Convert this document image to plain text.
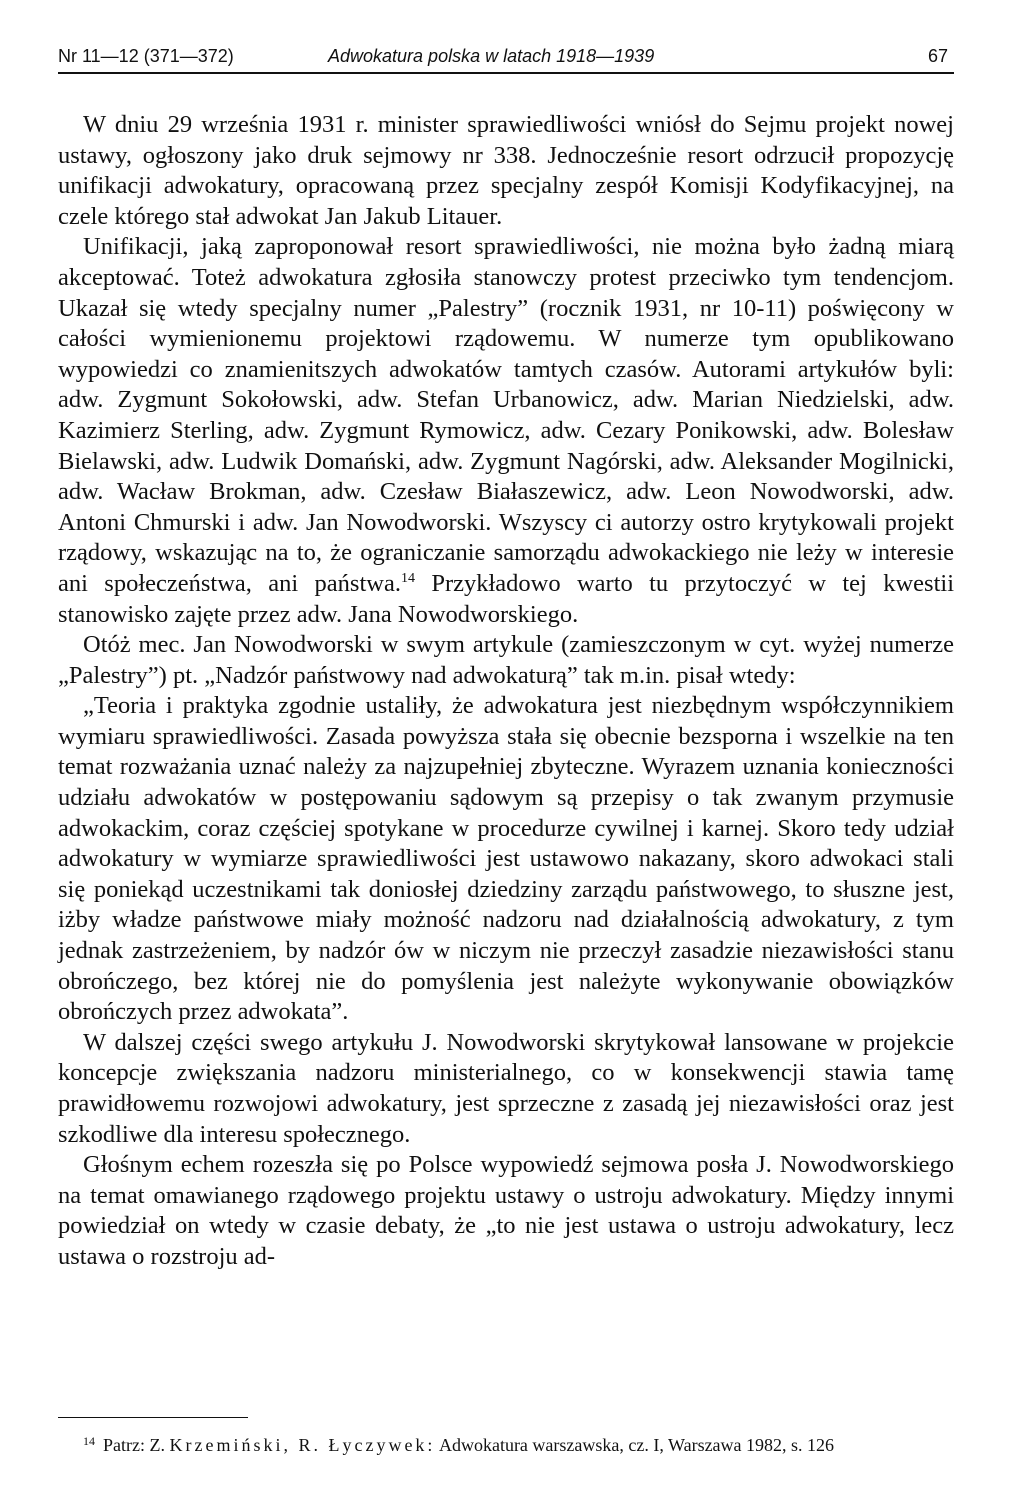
Nr 11—12 (371—372)	Adwokatura polska w latach 1918—1939	67

W dniu 29 września 1931 r. minister sprawiedliwości wniósł do Sejmu projekt nowej ustawy, ogłoszony jako druk sejmowy nr 338. Jednocześnie resort odrzucił propozycję unifikacji adwokatury, opracowaną przez specjalny zespół Komisji Kodyfikacyjnej, na czele którego stał adwokat Jan Jakub Litauer.

Unifikacji, jaką zaproponował resort sprawiedliwości, nie można było żadną miarą akceptować. Toteż adwokatura zgłosiła stanowczy protest przeciwko tym tendencjom. Ukazał się wtedy specjalny numer „Palestry” (rocznik 1931, nr 10-11) poświęcony w całości wymienionemu projektowi rządowemu. W numerze tym opublikowano wypowiedzi co znamienitszych adwokatów tamtych czasów. Autorami artykułów byli: adw. Zygmunt Sokołowski, adw. Stefan Urbanowicz, adw. Marian Niedzielski, adw. Kazimierz Sterling, adw. Zygmunt Rymowicz, adw. Cezary Ponikowski, adw. Bolesław Bielawski, adw. Ludwik Domański, adw. Zygmunt Nagórski, adw. Aleksander Mogilnicki, adw. Wacław Brokman, adw. Czesław Białaszewicz, adw. Leon Nowodworski, adw. Antoni Chmurski i adw. Jan Nowodworski. Wszyscy ci autorzy ostro krytykowali projekt rządowy, wskazując na to, że ograniczanie samorządu adwokackiego nie leży w interesie ani społeczeństwa, ani państwa.$^{14}$ Przykładowo warto tu przytoczyć w tej kwestii stanowisko zajęte przez adw. Jana Nowodworskiego.

Otóż mec. Jan Nowodworski w swym artykule (zamieszczonym w cyt. wyżej numerze „Palestry”) pt. „Nadzór państwowy nad adwokaturą” tak m.in. pisał wtedy:

„Teoria i praktyka zgodnie ustaliły, że adwokatura jest niezbędnym współczynnikiem wymiaru sprawiedliwości. Zasada powyższa stała się obecnie bezsporna i wszelkie na ten temat rozważania uznać należy za najzupełniej zbyteczne. Wyrazem uznania konieczności udziału adwokatów w postępowaniu sądowym są przepisy o tak zwanym przymusie adwokackim, coraz częściej spotykane w procedurze cywilnej i karnej. Skoro tedy udział adwokatury w wymiarze sprawiedliwości jest ustawowo nakazany, skoro adwokaci stali się poniekąd uczestnikami tak doniosłej dziedziny zarządu państwowego, to słuszne jest, iżby władze państwowe miały możność nadzoru nad działalnością adwokatury, z tym jednak zastrzeżeniem, by nadzór ów w niczym nie przeczył zasadzie niezawisłości stanu obrończego, bez której nie do pomyślenia jest należyte wykonywanie obowiązków obrończych przez adwokata”.

W dalszej części swego artykułu J. Nowodworski skrytykował lansowane w projekcie koncepcje zwiększania nadzoru ministerialnego, co w konsekwencji stawia tamę prawidłowemu rozwojowi adwokatury, jest sprzeczne z zasadą jej niezawisłości oraz jest szkodliwe dla interesu społecznego.

Głośnym echem rozeszła się po Polsce wypowiedź sejmowa posła J. Nowodworskiego na temat omawianego rządowego projektu ustawy o ustroju adwokatury. Między innymi powiedział on wtedy w czasie debaty, że „to nie jest ustawa o ustroju adwokatury, lecz ustawa o rozstroju ad-

$^{14}$ Patrz: Z. Krzemiński, R. Łyczywek: Adwokatura warszawska, cz. I, Warszawa 1982, s. 126
